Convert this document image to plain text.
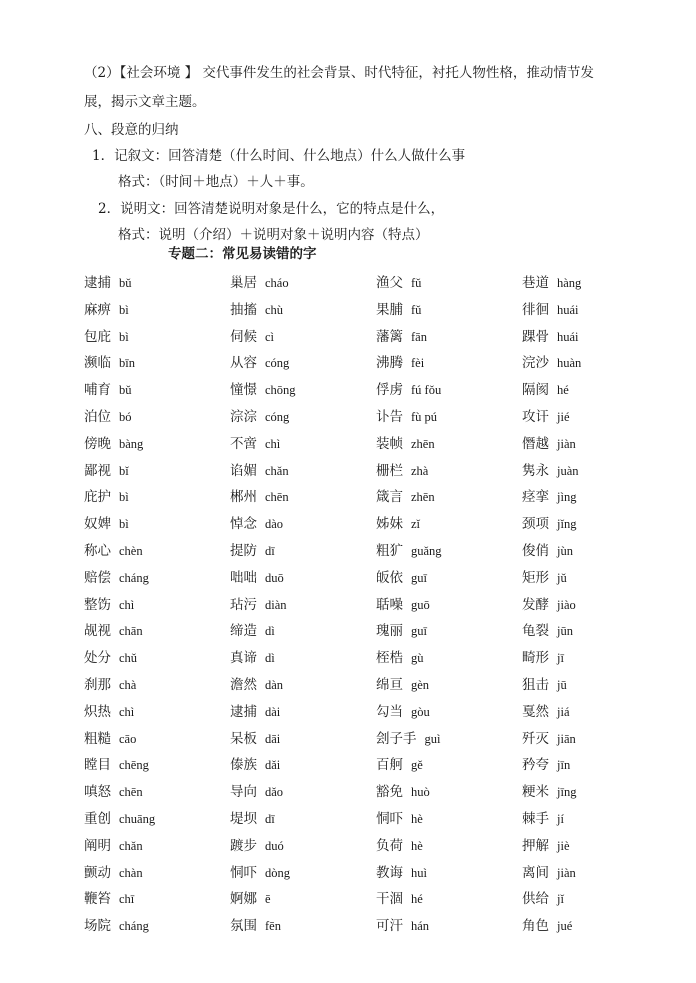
（2）【社会环境 】 交代事件发生的社会背景、时代特征，衬托人物性格，推动情节发
展，揭示文章主题。
八、段意的归纳
1．记叙文：回答清楚（什么时间、什么地点）什么人做什么事
格式：（时间＋地点）＋人＋事。
2．说明文：回答清楚说明对象是什么，它的特点是什么，
格式：说明（介绍）＋说明对象＋说明内容（特点）
专题二：常见易读错的字
逮捕 bǔ	巢居 cháo	渔父 fǔ	巷道 hàng
麻痹 bì	抽搐 chù	果脯 fǔ	徘徊 huái
包庇 bì	伺候 cì	藩篱 fān	踝骨 huái
濒临 bīn	从容 cóng	沸腾 fèi	浣沙 huàn
哺育 bǔ	憧憬 chōng	俘虏 fú fǒu	隔阂 hé
泊位 bó	淙淙 cóng	讣告 fù pú	攻讦 jié
傍晚 bàng	不啻 chì	装帧 zhēn	僭越 jiàn
鄙视 bǐ	谄媚 chǎn	栅栏 zhà	隽永 juàn
庇护 bì	郴州 chēn	箴言 zhēn	痉挛 jìng
奴婢 bì	悼念 dào	姊妹 zǐ	颈项 jǐng
称心 chèn	提防 dī	粗犷 guǎng	俊俏 jùn
赔偿 cháng	咄咄 duō	皈依 guī	矩形 jǔ
整饬 chì	玷污 diàn	聒噪 guō	发酵 jiào
觇视 chān	缔造 dì	瑰丽 guī	龟裂 jūn
处分 chǔ	真谛 dì	桎梏 gù	畸形 jī
刹那 chà	澹然 dàn	绵亘 gèn	狙击 jū
炽热 chì	逮捕 dài	勾当 gòu	戛然 jiá
粗糙 cāo	呆板 dāi	刽子手 guì	歼灭 jiān
瞠目 chēng	傣族 dǎi	百舸 gě	矜夸 jīn
嗔怒 chēn	导向 dǎo	豁免 huò	粳米 jīng
重创 chuāng	堤坝 dī	恫吓 hè	棘手 jí
阐明 chǎn	踱步 duó	负荷 hè	押解 jiè
颤动 chàn	恫吓 dòng	教诲 huì	离间 jiàn
鞭笞 chī	婀娜 ē	干涸 hé	供给 jǐ
场院 cháng	氛围 fēn	可汗 hán	角色 jué
